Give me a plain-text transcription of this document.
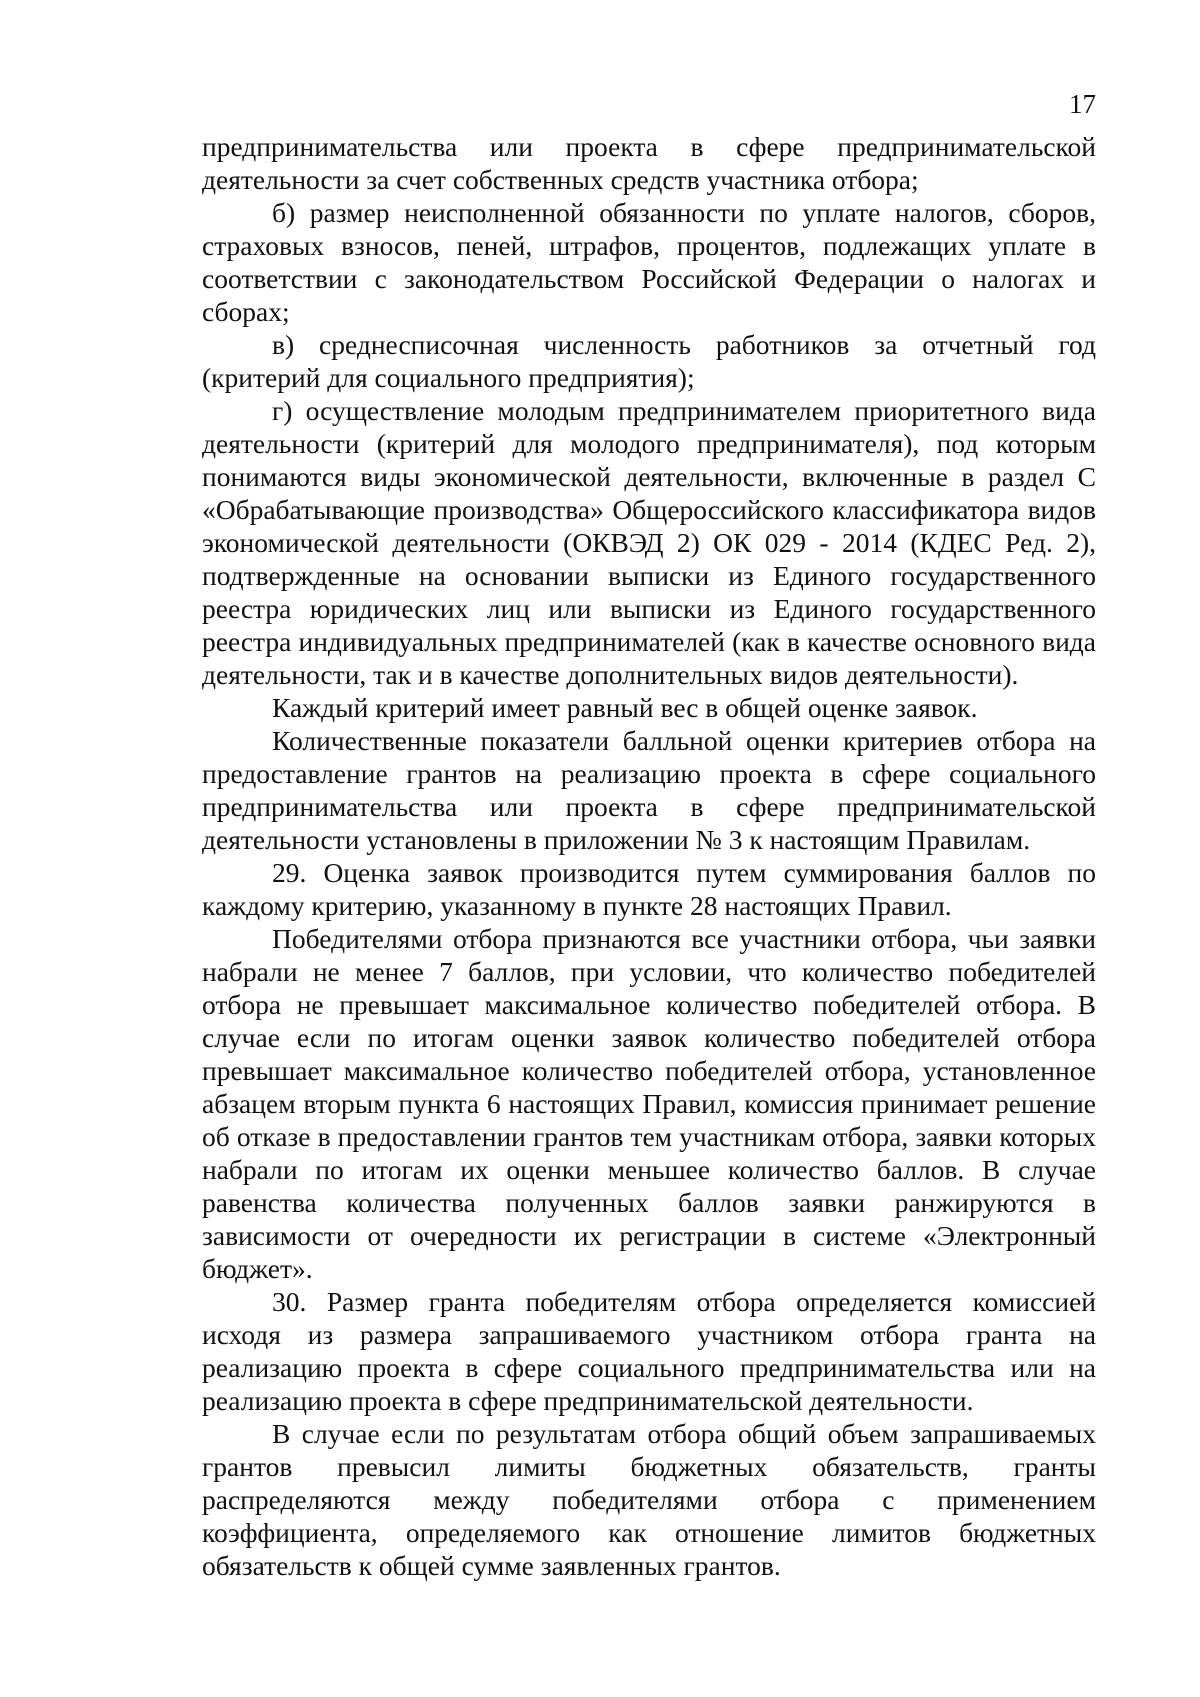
17

предпринимательства или проекта в сфере предпринимательской деятельности за счет собственных средств участника отбора;

б) размер неисполненной обязанности по уплате налогов, сборов, страховых взносов, пеней, штрафов, процентов, подлежащих уплате в соответствии с законодательством Российской Федерации о налогах и сборах;

в) среднесписочная численность работников за отчетный год (критерий для социального предприятия);

г) осуществление молодым предпринимателем приоритетного вида деятельности (критерий для молодого предпринимателя), под которым понимаются виды экономической деятельности, включенные в раздел С «Обрабатывающие производства» Общероссийского классификатора видов экономической деятельности (ОКВЭД 2) ОК 029 - 2014 (КДЕС Ред. 2), подтвержденные на основании выписки из Единого государственного реестра юридических лиц или выписки из Единого государственного реестра индивидуальных предпринимателей (как в качестве основного вида деятельности, так и в качестве дополнительных видов деятельности).

Каждый критерий имеет равный вес в общей оценке заявок.

Количественные показатели балльной оценки критериев отбора на предоставление грантов на реализацию проекта в сфере социального предпринимательства или проекта в сфере предпринимательской деятельности установлены в приложении № 3 к настоящим Правилам.

29. Оценка заявок производится путем суммирования баллов по каждому критерию, указанному в пункте 28 настоящих Правил.

Победителями отбора признаются все участники отбора, чьи заявки набрали не менее 7 баллов, при условии, что количество победителей отбора не превышает максимальное количество победителей отбора. В случае если по итогам оценки заявок количество победителей отбора превышает максимальное количество победителей отбора, установленное абзацем вторым пункта 6 настоящих Правил, комиссия принимает решение об отказе в предоставлении грантов тем участникам отбора, заявки которых набрали по итогам их оценки меньшее количество баллов. В случае равенства количества полученных баллов заявки ранжируются в зависимости от очередности их регистрации в системе «Электронный бюджет».

30. Размер гранта победителям отбора определяется комиссией исходя из размера запрашиваемого участником отбора гранта на реализацию проекта в сфере социального предпринимательства или на реализацию проекта в сфере предпринимательской деятельности.

В случае если по результатам отбора общий объем запрашиваемых грантов превысил лимиты бюджетных обязательств, гранты распределяются между победителями отбора с применением коэффициента, определяемого как отношение лимитов бюджетных обязательств к общей сумме заявленных грантов.
